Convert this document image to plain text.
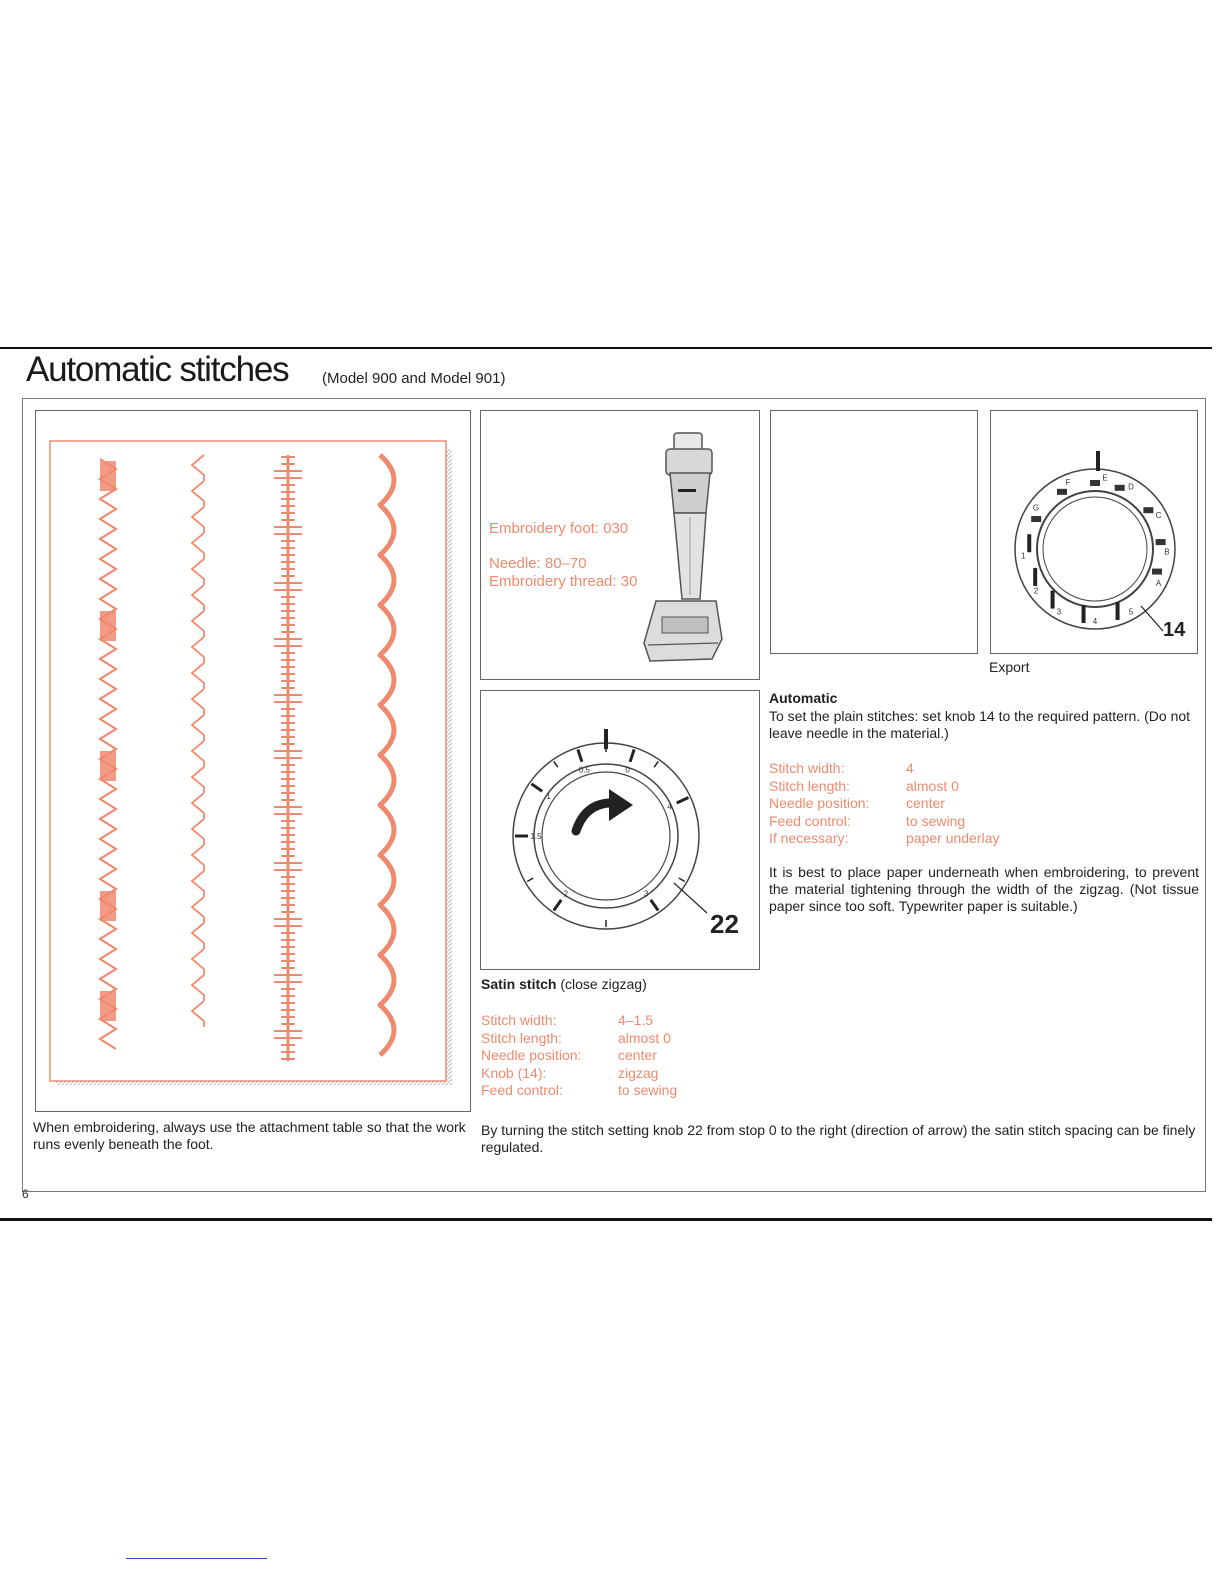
Automatic stitches (Model 900 and Model 901)
When embroidering, always use the attachment table so that the work runs evenly beneath the foot.
Embroidery foot: 030
Needle: 80–70
Embroidery thread: 30
0.5	0
1
1.5
2	3
4
22
Satin stitch (close zigzag)
Stitch width:	4–1.5
Stitch length:	almost 0
Needle position:	center
Knob (14):	zigzag
Feed control:	to sewing
By turning the stitch setting knob 22 from stop 0 to the right (direction of arrow) the satin stitch spacing can be finely regulated.
A
B
C
D
E
F
G
1
2
3
4
5
14
Export
Automatic
To set the plain stitches: set knob 14 to the required pattern. (Do not leave needle in the material.)
Stitch width:	4
Stitch length:	almost 0
Needle position:	center
Feed control:	to sewing
If necessary:	paper underlay
It is best to place paper underneath when embroidering, to prevent the material tightening through the width of the zigzag. (Not tissue paper since too soft. Typewriter paper is suitable.)
6
